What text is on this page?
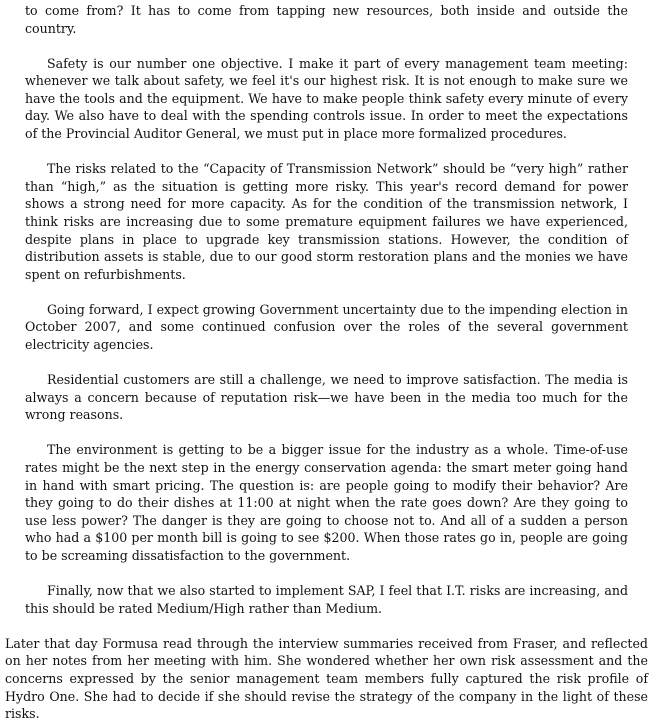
to come from? It has to come from tapping new resources, both inside and outside the country.

Safety is our number one objective. I make it part of every management team meeting: whenever we talk about safety, we feel it's our highest risk. It is not enough to make sure we have the tools and the equipment. We have to make people think safety every minute of every day. We also have to deal with the spending controls issue. In order to meet the expectations of the Provincial Auditor General, we must put in place more formalized procedures.

The risks related to the “Capacity of Transmission Network” should be “very high” rather than “high,” as the situation is getting more risky. This year's record demand for power shows a strong need for more capacity. As for the condition of the transmission network, I think risks are increasing due to some premature equipment failures we have experienced, despite plans in place to upgrade key transmission stations. However, the condition of distribution assets is stable, due to our good storm restoration plans and the monies we have spent on refurbishments.

Going forward, I expect growing Government uncertainty due to the impending election in October 2007, and some continued confusion over the roles of the several government electricity agencies.

Residential customers are still a challenge, we need to improve satisfaction. The media is always a concern because of reputation risk—we have been in the media too much for the wrong reasons.

The environment is getting to be a bigger issue for the industry as a whole. Time-of-use rates might be the next step in the energy conservation agenda: the smart meter going hand in hand with smart pricing. The question is: are people going to modify their behavior? Are they going to do their dishes at 11:00 at night when the rate goes down? Are they going to use less power? The danger is they are going to choose not to. And all of a sudden a person who had a $100 per month bill is going to see $200. When those rates go in, people are going to be screaming dissatisfaction to the government.

Finally, now that we also started to implement SAP, I feel that I.T. risks are increasing, and this should be rated Medium/High rather than Medium.

Later that day Formusa read through the interview summaries received from Fraser, and reflected on her notes from her meeting with him. She wondered whether her own risk assessment and the concerns expressed by the senior management team members fully captured the risk profile of Hydro One. She had to decide if she should revise the strategy of the company in the light of these risks.
